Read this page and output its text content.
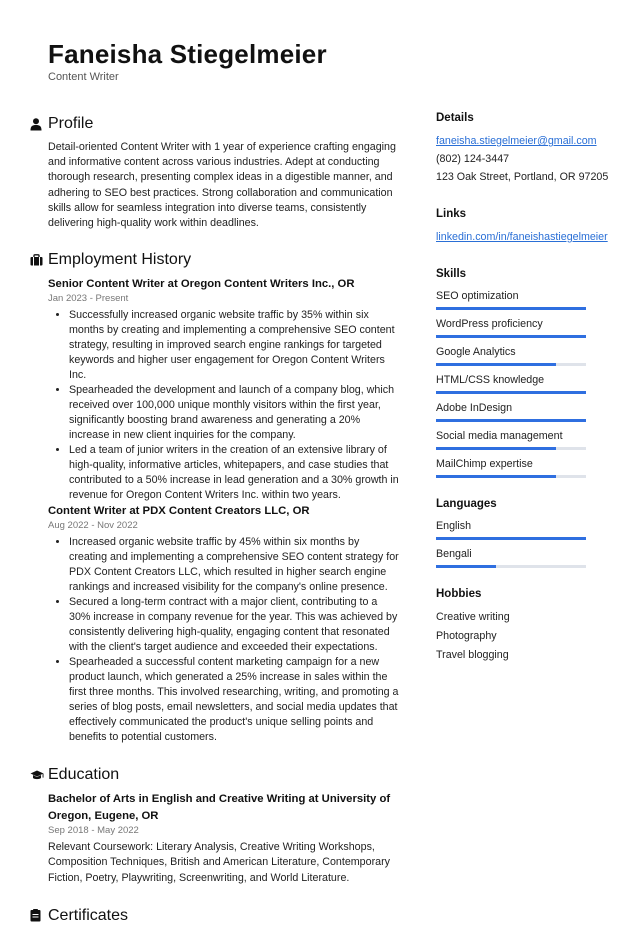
Faneisha Stiegelmeier
Content Writer
Profile
Detail-oriented Content Writer with 1 year of experience crafting engaging and informative content across various industries. Adept at conducting thorough research, presenting complex ideas in a digestible manner, and adhering to SEO best practices. Strong collaboration and communication skills allow for seamless integration into diverse teams, consistently delivering high-quality work within deadlines.
Employment History
Senior Content Writer at Oregon Content Writers Inc., OR
Jan 2023 - Present
• Successfully increased organic website traffic by 35% within six months by creating and implementing a comprehensive SEO content strategy, resulting in improved search engine rankings for targeted keywords and higher user engagement for Oregon Content Writers Inc.
• Spearheaded the development and launch of a company blog, which received over 100,000 unique monthly visitors within the first year, significantly boosting brand awareness and generating a 20% increase in new client inquiries for the company.
• Led a team of junior writers in the creation of an extensive library of high-quality, informative articles, whitepapers, and case studies that contributed to a 50% increase in lead generation and a 30% growth in revenue for Oregon Content Writers Inc. within two years.
Content Writer at PDX Content Creators LLC, OR
Aug 2022 - Nov 2022
• Increased organic website traffic by 45% within six months by creating and implementing a comprehensive SEO content strategy for PDX Content Creators LLC, which resulted in higher search engine rankings and increased visibility for the company's online presence.
• Secured a long-term contract with a major client, contributing to a 30% increase in company revenue for the year. This was achieved by consistently delivering high-quality, engaging content that resonated with the client's target audience and exceeded their expectations.
• Spearheaded a successful content marketing campaign for a new product launch, which generated a 25% increase in sales within the first three months. This involved researching, writing, and promoting a series of blog posts, email newsletters, and social media updates that effectively communicated the product's unique selling points and benefits to potential customers.
Education
Bachelor of Arts in English and Creative Writing at University of Oregon, Eugene, OR
Sep 2018 - May 2022
Relevant Coursework: Literary Analysis, Creative Writing Workshops, Composition Techniques, British and American Literature, Contemporary Fiction, Poetry, Playwriting, Screenwriting, and World Literature.
Certificates
Details
faneisha.stiegelmeier@gmail.com
(802) 124-3447
123 Oak Street, Portland, OR 97205
Links
linkedin.com/in/faneishastiegelmeier
Skills
SEO optimization
WordPress proficiency
Google Analytics
HTML/CSS knowledge
Adobe InDesign
Social media management
MailChimp expertise
Languages
English
Bengali
Hobbies
Creative writing
Photography
Travel blogging
